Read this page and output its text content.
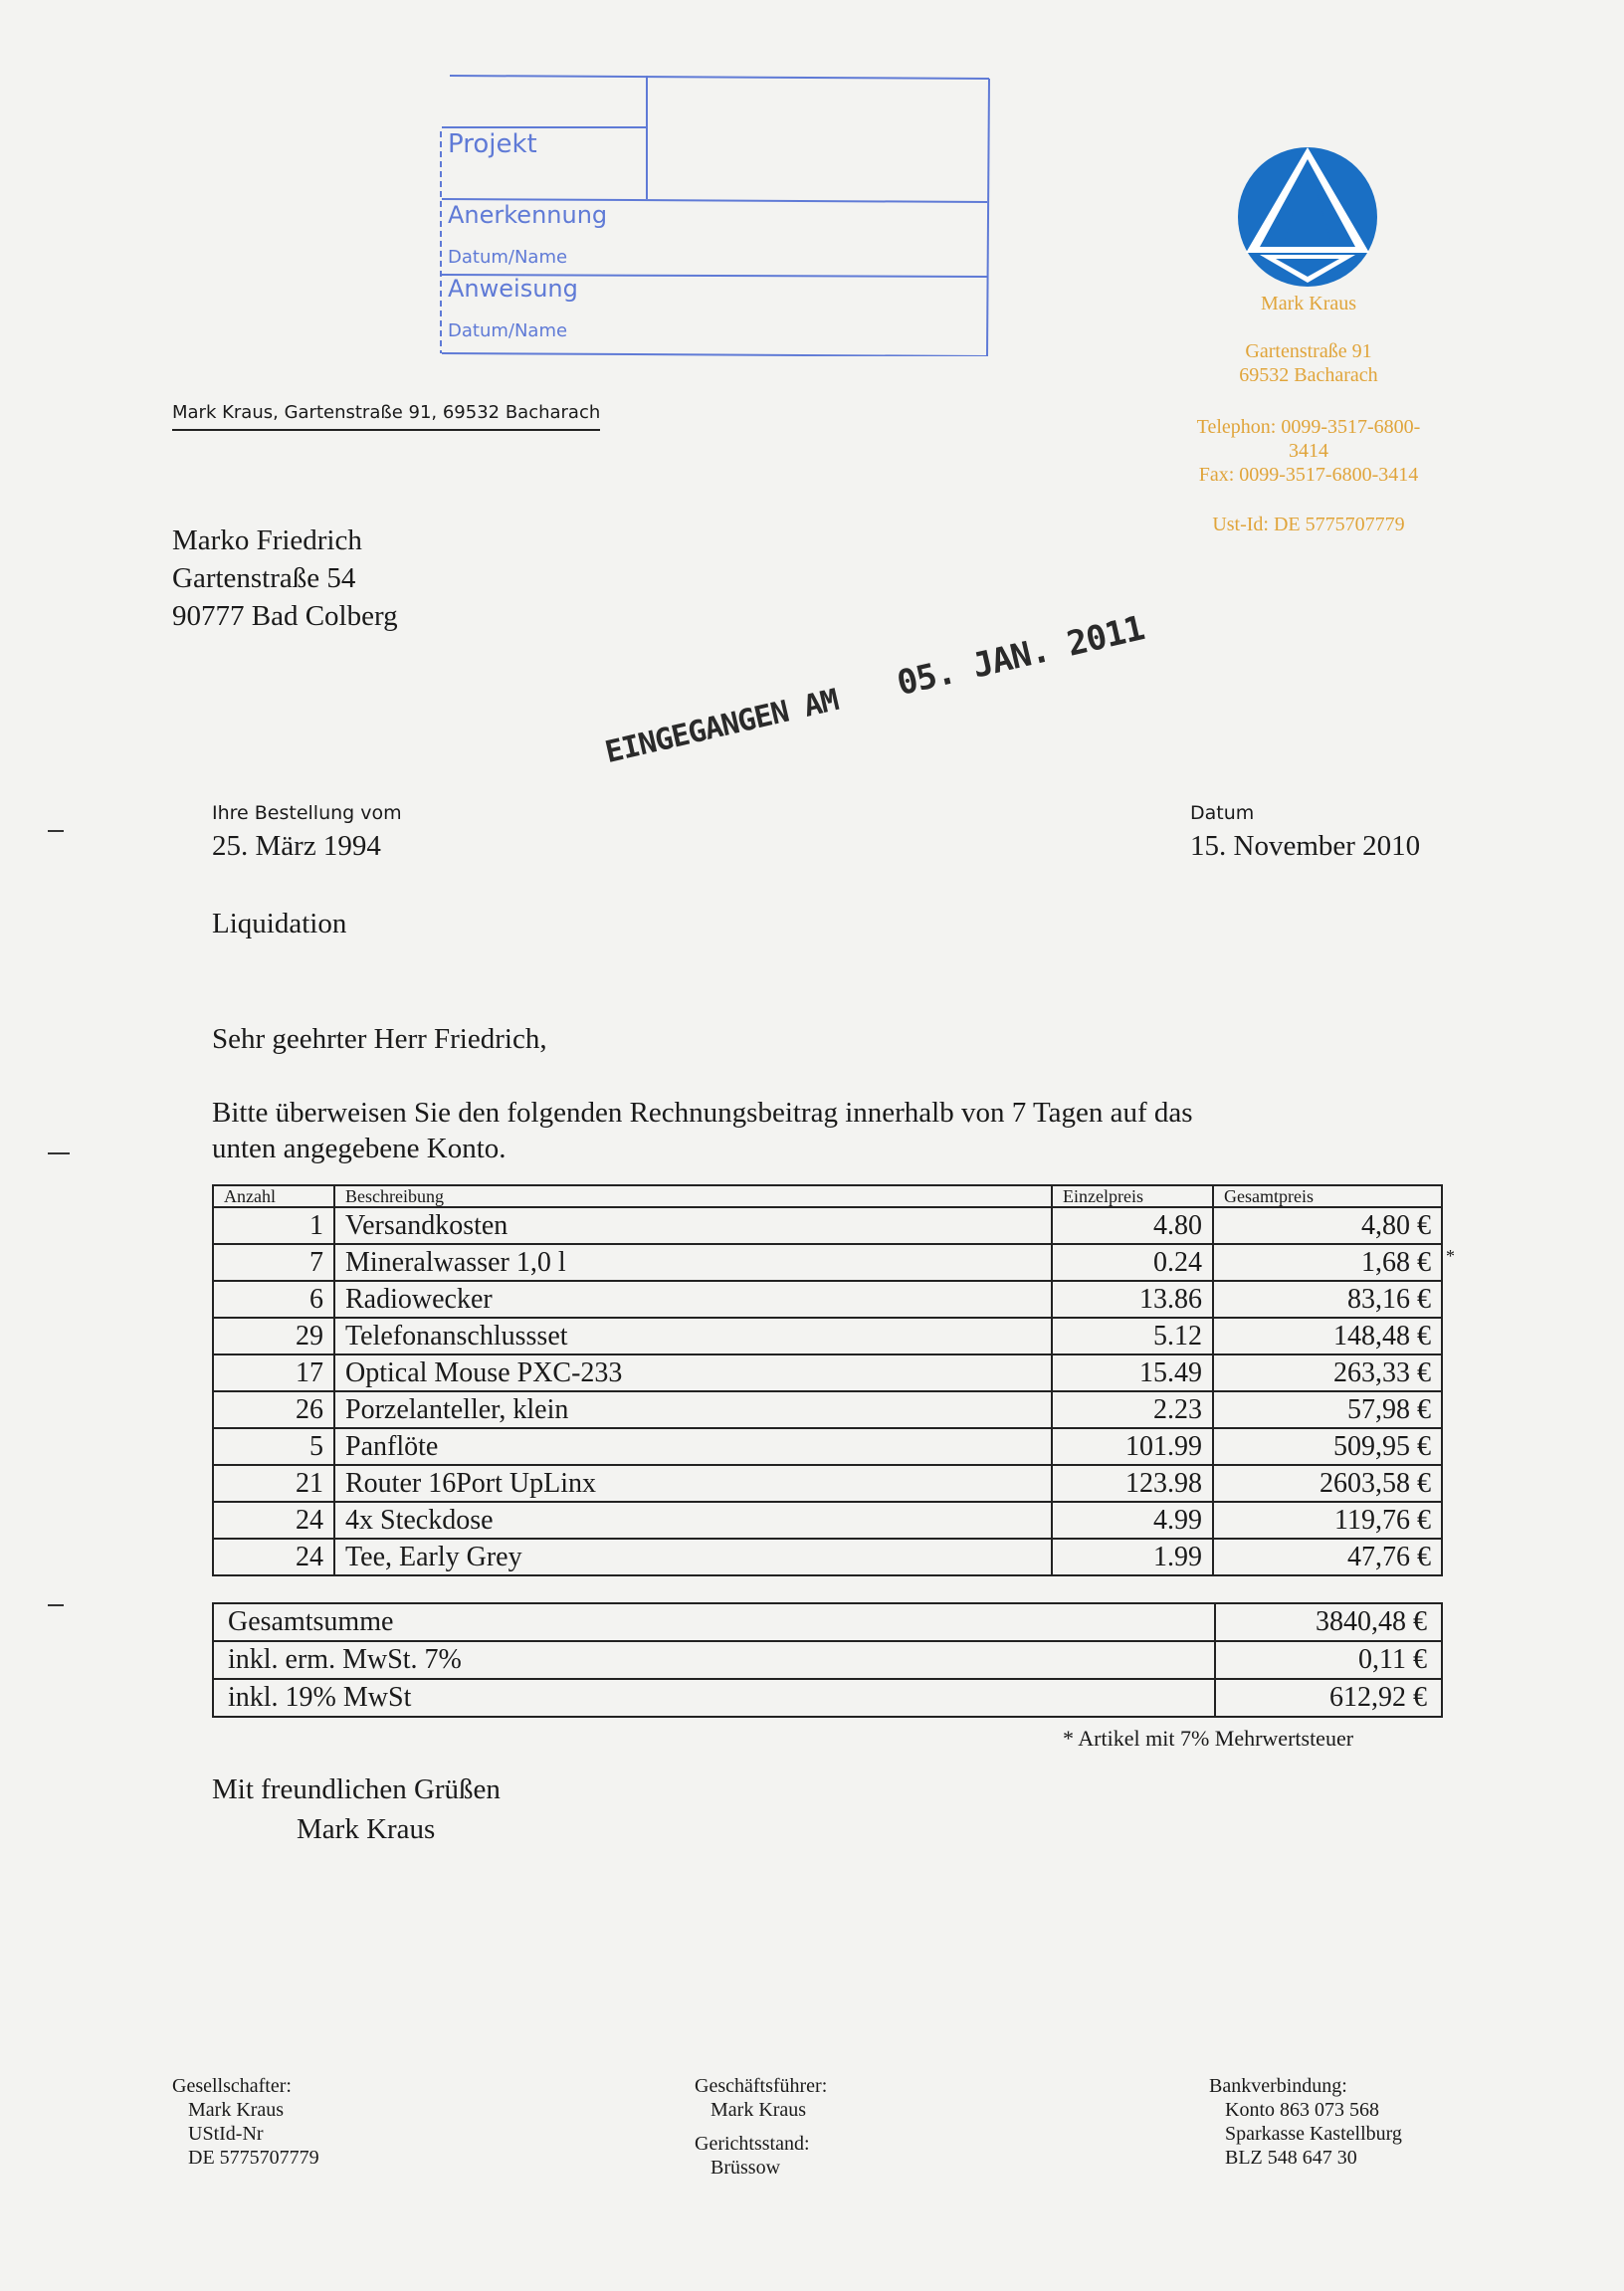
Projekt
Anerkennung
Datum/Name
Anweisung
Datum/Name
Mark Kraus
Gartenstraße 91
69532 Bacharach
Telephon: 0099-3517-6800-
3414
Fax: 0099-3517-6800-3414
Ust-Id: DE 5775707779
Mark Kraus, Gartenstraße 91, 69532 Bacharach
Marko Friedrich
Gartenstraße 54
90777 Bad Colberg
EINGEGANGEN AM 05. JAN. 2011
Ihre Bestellung vom
25. März 1994
Datum
15. November 2010
Liquidation
Sehr geehrter Herr Friedrich,
Bitte überweisen Sie den folgenden Rechnungsbeitrag innerhalb von 7 Tagen auf das
unten angegebene Konto.
Anzahl	Beschreibung	Einzelpreis	Gesamtpreis
1	Versandkosten	4.80	4,80 €

7	Mineralwasser 1,0 l	0.24	1,68 € *

6	Radiowecker	13.86	83,16 €

29	Telefonanschlussset	5.12	148,48 €

17	Optical Mouse PXC-233	15.49	263,33 €

26	Porzelanteller, klein	2.23	57,98 €

5	Panflöte	101.99	509,95 €

21	Router 16Port UpLinx	123.98	2603,58 €

24	4x Steckdose	4.99	119,76 €

24	Tee, Early Grey	1.99	47,76 €
Gesamtsumme	3840,48 €
inkl. erm. MwSt. 7%	0,11 €
inkl. 19% MwSt	612,92 €
* Artikel mit 7% Mehrwertsteuer
Mit freundlichen Grüßen
Mark Kraus
Gesellschafter:
Mark Kraus
UStId-Nr
DE 5775707779
Geschäftsführer:
Mark Kraus
Gerichtsstand:
Brüssow
Bankverbindung:
Konto 863 073 568
Sparkasse Kastellburg
BLZ 548 647 30
